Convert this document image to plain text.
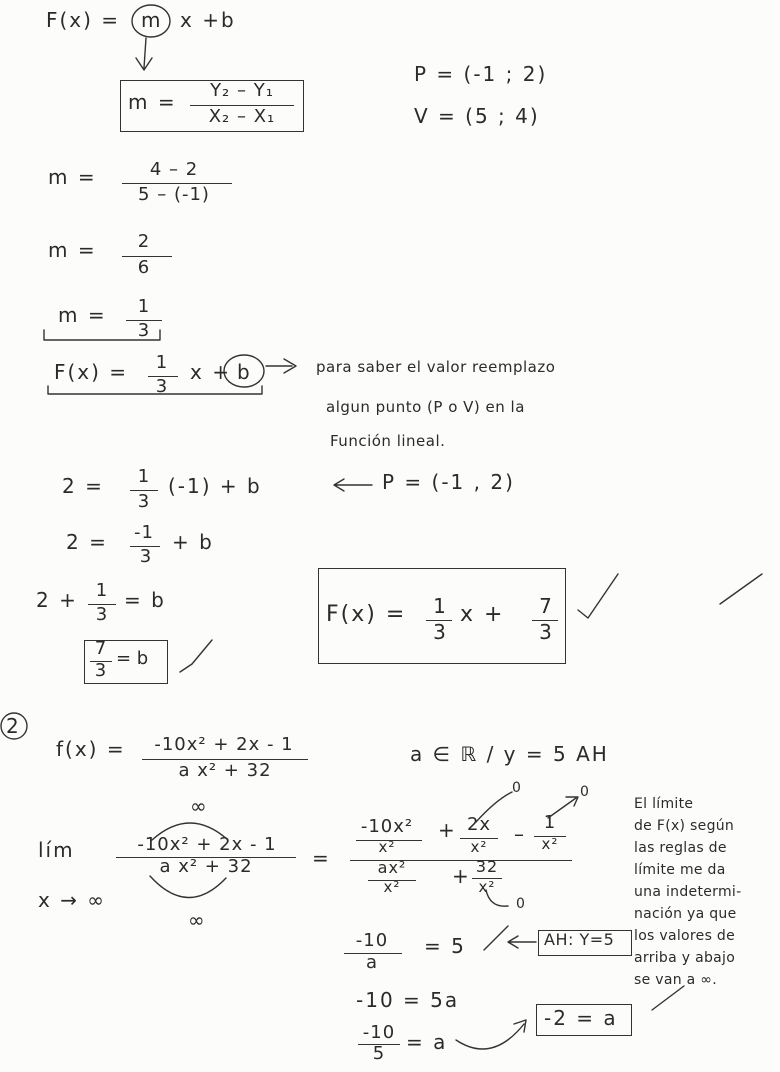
F(x) = m x +b
m =	Y₂ – Y₁
X₂ – X₁
P = (-1 ; 2)
V = (5 ; 4)
m =	4 – 2
5 – (-1)
m =	2
6
m =	1
3
F(x) =	1
3
x + b	para saber el valor reemplazo
algun punto (P o V) en la
Función lineal.
2 =	1
3
(-1) + b	P = (-1 , 2)
2 =	-1
3
+ b
2 + 1
3
= b
7
3
= b
F(x) =	1
3
x +	7
3
2
f(x) =	-10x² + 2x - 1
a x² + 32
a ∈ ℝ / y = 5 AH
∞
lím	-10x² + 2x - 1
a x² + 32
x → ∞
∞
=
-10x²
x²
+ 2x
x²
– 1
x²
0	0
ax²
x²	+ 32
x²
0
-10
a
= 5	AH: Y=5
-10 = 5a
-10
5	= a
-2 = a
El límite
de F(x) según
las reglas de
límite me da
una indetermi-
nación ya que
los valores de
arriba y abajo
se van a ∞.
